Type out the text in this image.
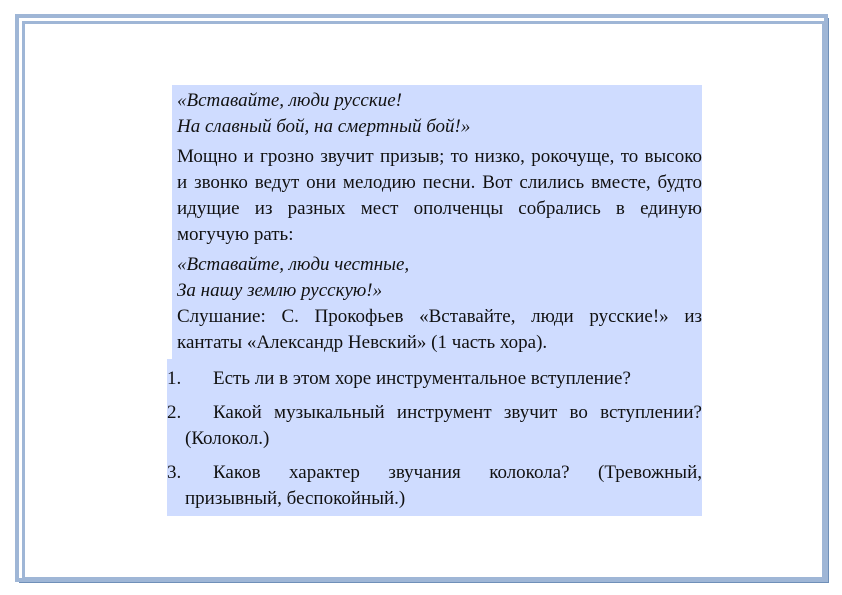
«Вставайте, люди русские!
На славный бой, на смертный бой!»

Мощно и грозно звучит призыв; то низко, рокочуще, то высоко и звонко ведут они мелодию песни. Вот слились вместе, будто идущие из разных мест ополченцы собрались в единую могучую рать:

«Вставайте, люди честные,
За нашу землю русскую!»

Слушание: С. Прокофьев «Вставайте, люди русские!» из кантаты «Александр Невский» (1 часть хора).

1.	Есть ли в этом хоре инструментальное вступление?
2.	Какой музыкальный инструмент звучит во вступлении? (Колокол.)
3.	Каков характер звучания колокола? (Тревожный, призывный, беспокойный.)
